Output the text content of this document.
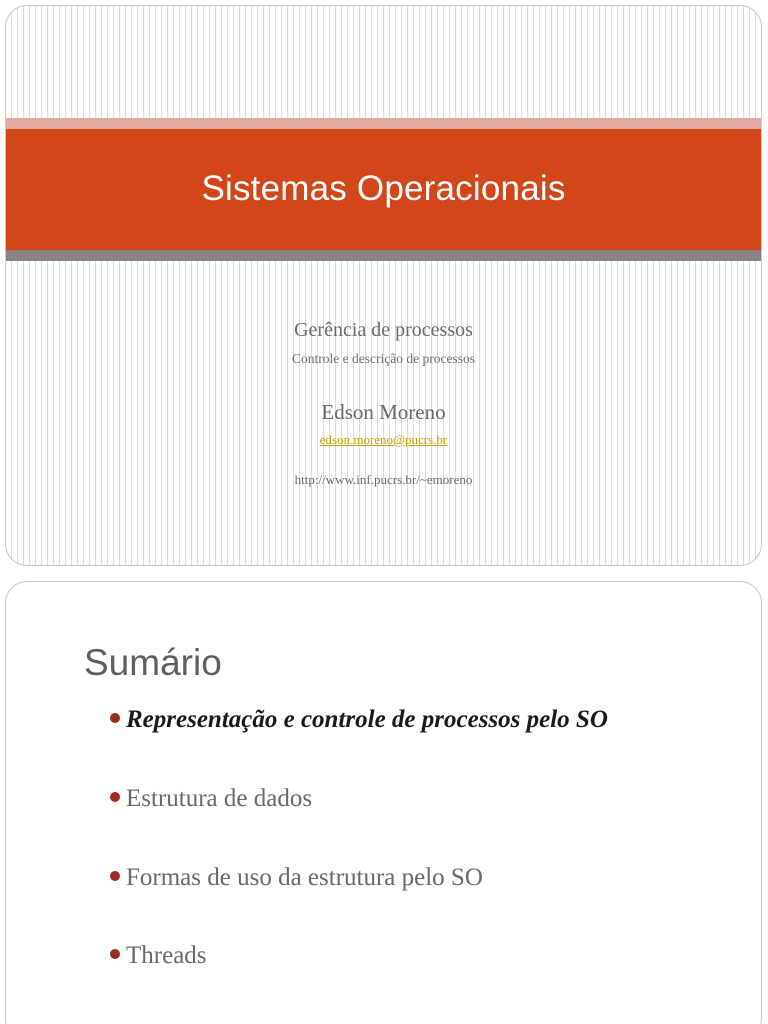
Sistemas Operacionais
Gerência de processos
Controle e descrição de processos
Edson Moreno
edson.moreno@pucrs.br
http://www.inf.pucrs.br/~emoreno
Sumário
Representação e controle de processos pelo SO
Estrutura de dados
Formas de uso da estrutura pelo SO
Threads
